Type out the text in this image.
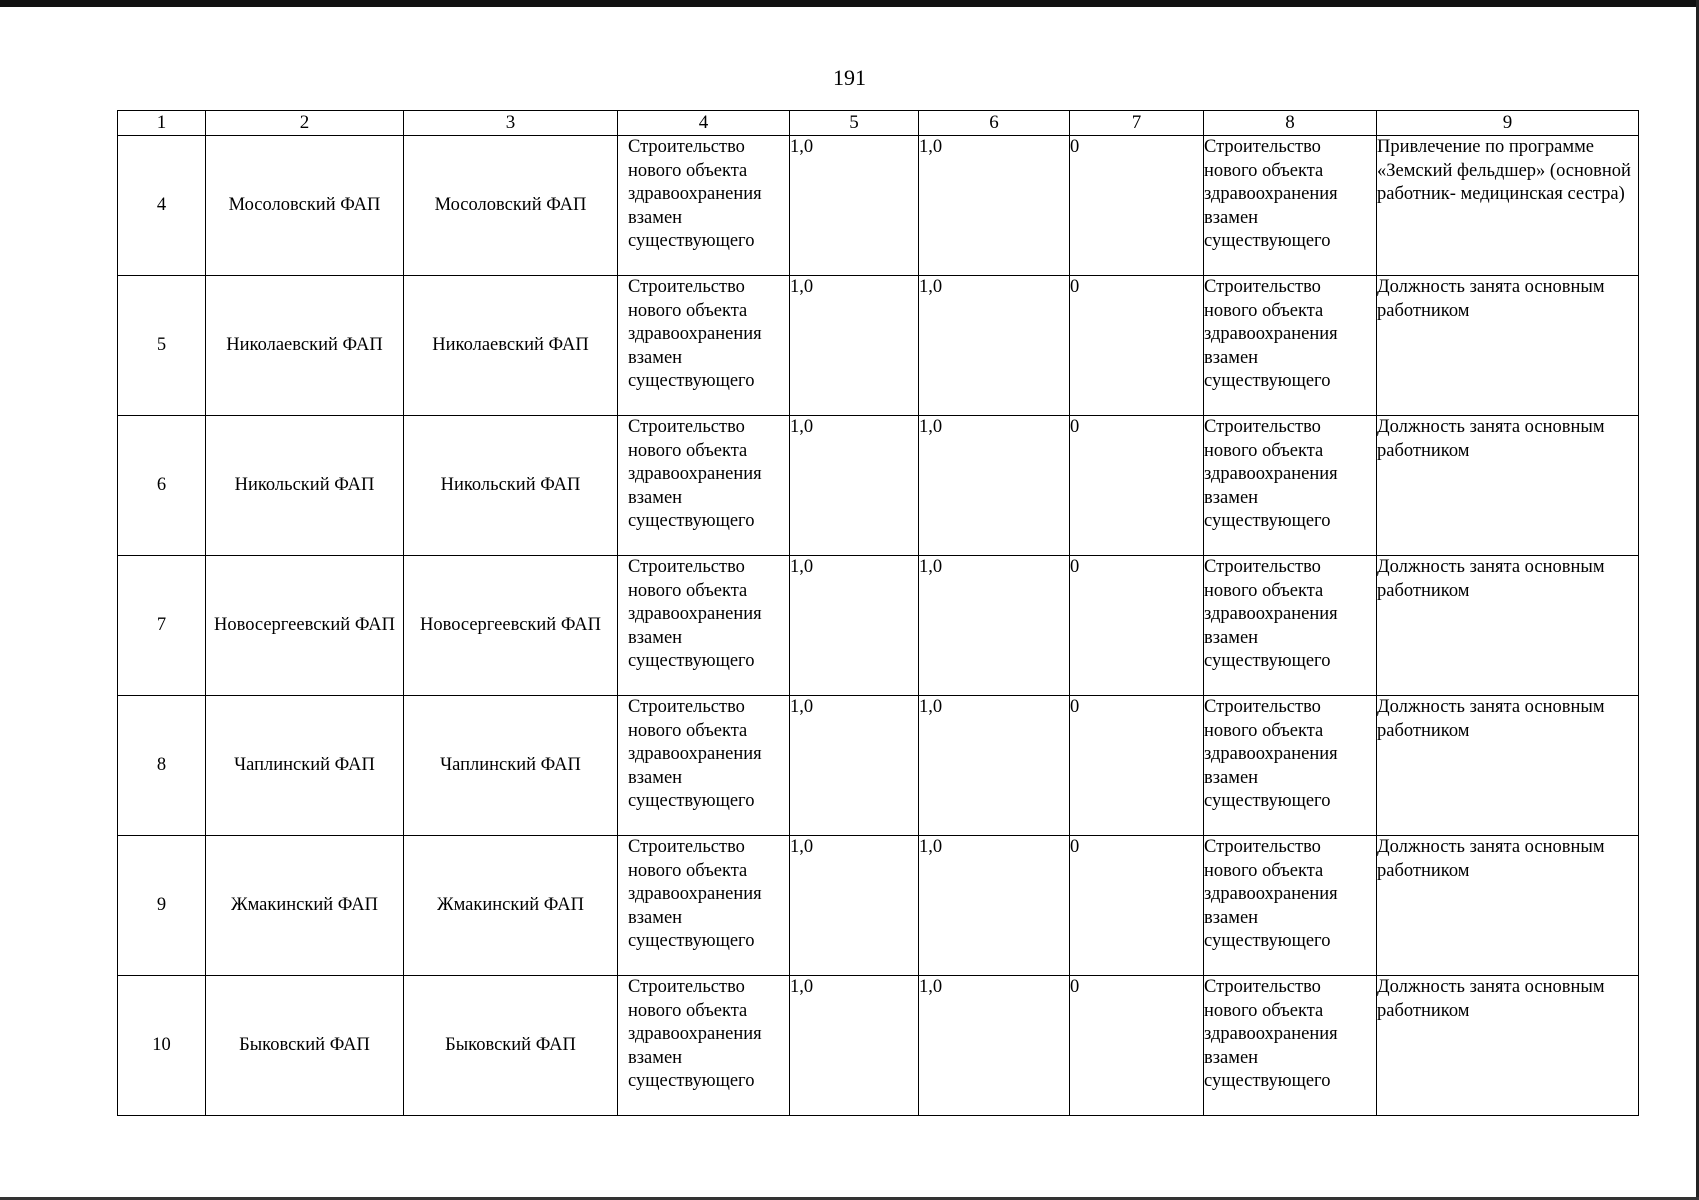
191
1	2	3	4	5	6	7	8	9
4	Мосоловский ФАП	Мосоловский ФАП	Строительство нового объекта здравоохранения взамен существующего	1,0	1,0	0	Строительство нового объекта здравоохранения взамен существующего	Привлечение по программе «Земский фельдшер» (основной работник- медицинская сестра)
5	Николаевский ФАП	Николаевский ФАП	Строительство нового объекта здравоохранения взамен существующего	1,0	1,0	0	Строительство нового объекта здравоохранения взамен существующего	Должность занята основным работником
6	Никольский ФАП	Никольский ФАП	Строительство нового объекта здравоохранения взамен существующего	1,0	1,0	0	Строительство нового объекта здравоохранения взамен существующего	Должность занята основным работником
7	Новосергеевский ФАП	Новосергеевский ФАП	Строительство нового объекта здравоохранения взамен существующего	1,0	1,0	0	Строительство нового объекта здравоохранения взамен существующего	Должность занята основным работником
8	Чаплинский ФАП	Чаплинский ФАП	Строительство нового объекта здравоохранения взамен существующего	1,0	1,0	0	Строительство нового объекта здравоохранения взамен существующего	Должность занята основным работником
9	Жмакинский ФАП	Жмакинский ФАП	Строительство нового объекта здравоохранения взамен существующего	1,0	1,0	0	Строительство нового объекта здравоохранения взамен существующего	Должность занята основным работником
10	Быковский ФАП	Быковский ФАП	Строительство нового объекта здравоохранения взамен существующего	1,0	1,0	0	Строительство нового объекта здравоохранения взамен существующего	Должность занята основным работником
